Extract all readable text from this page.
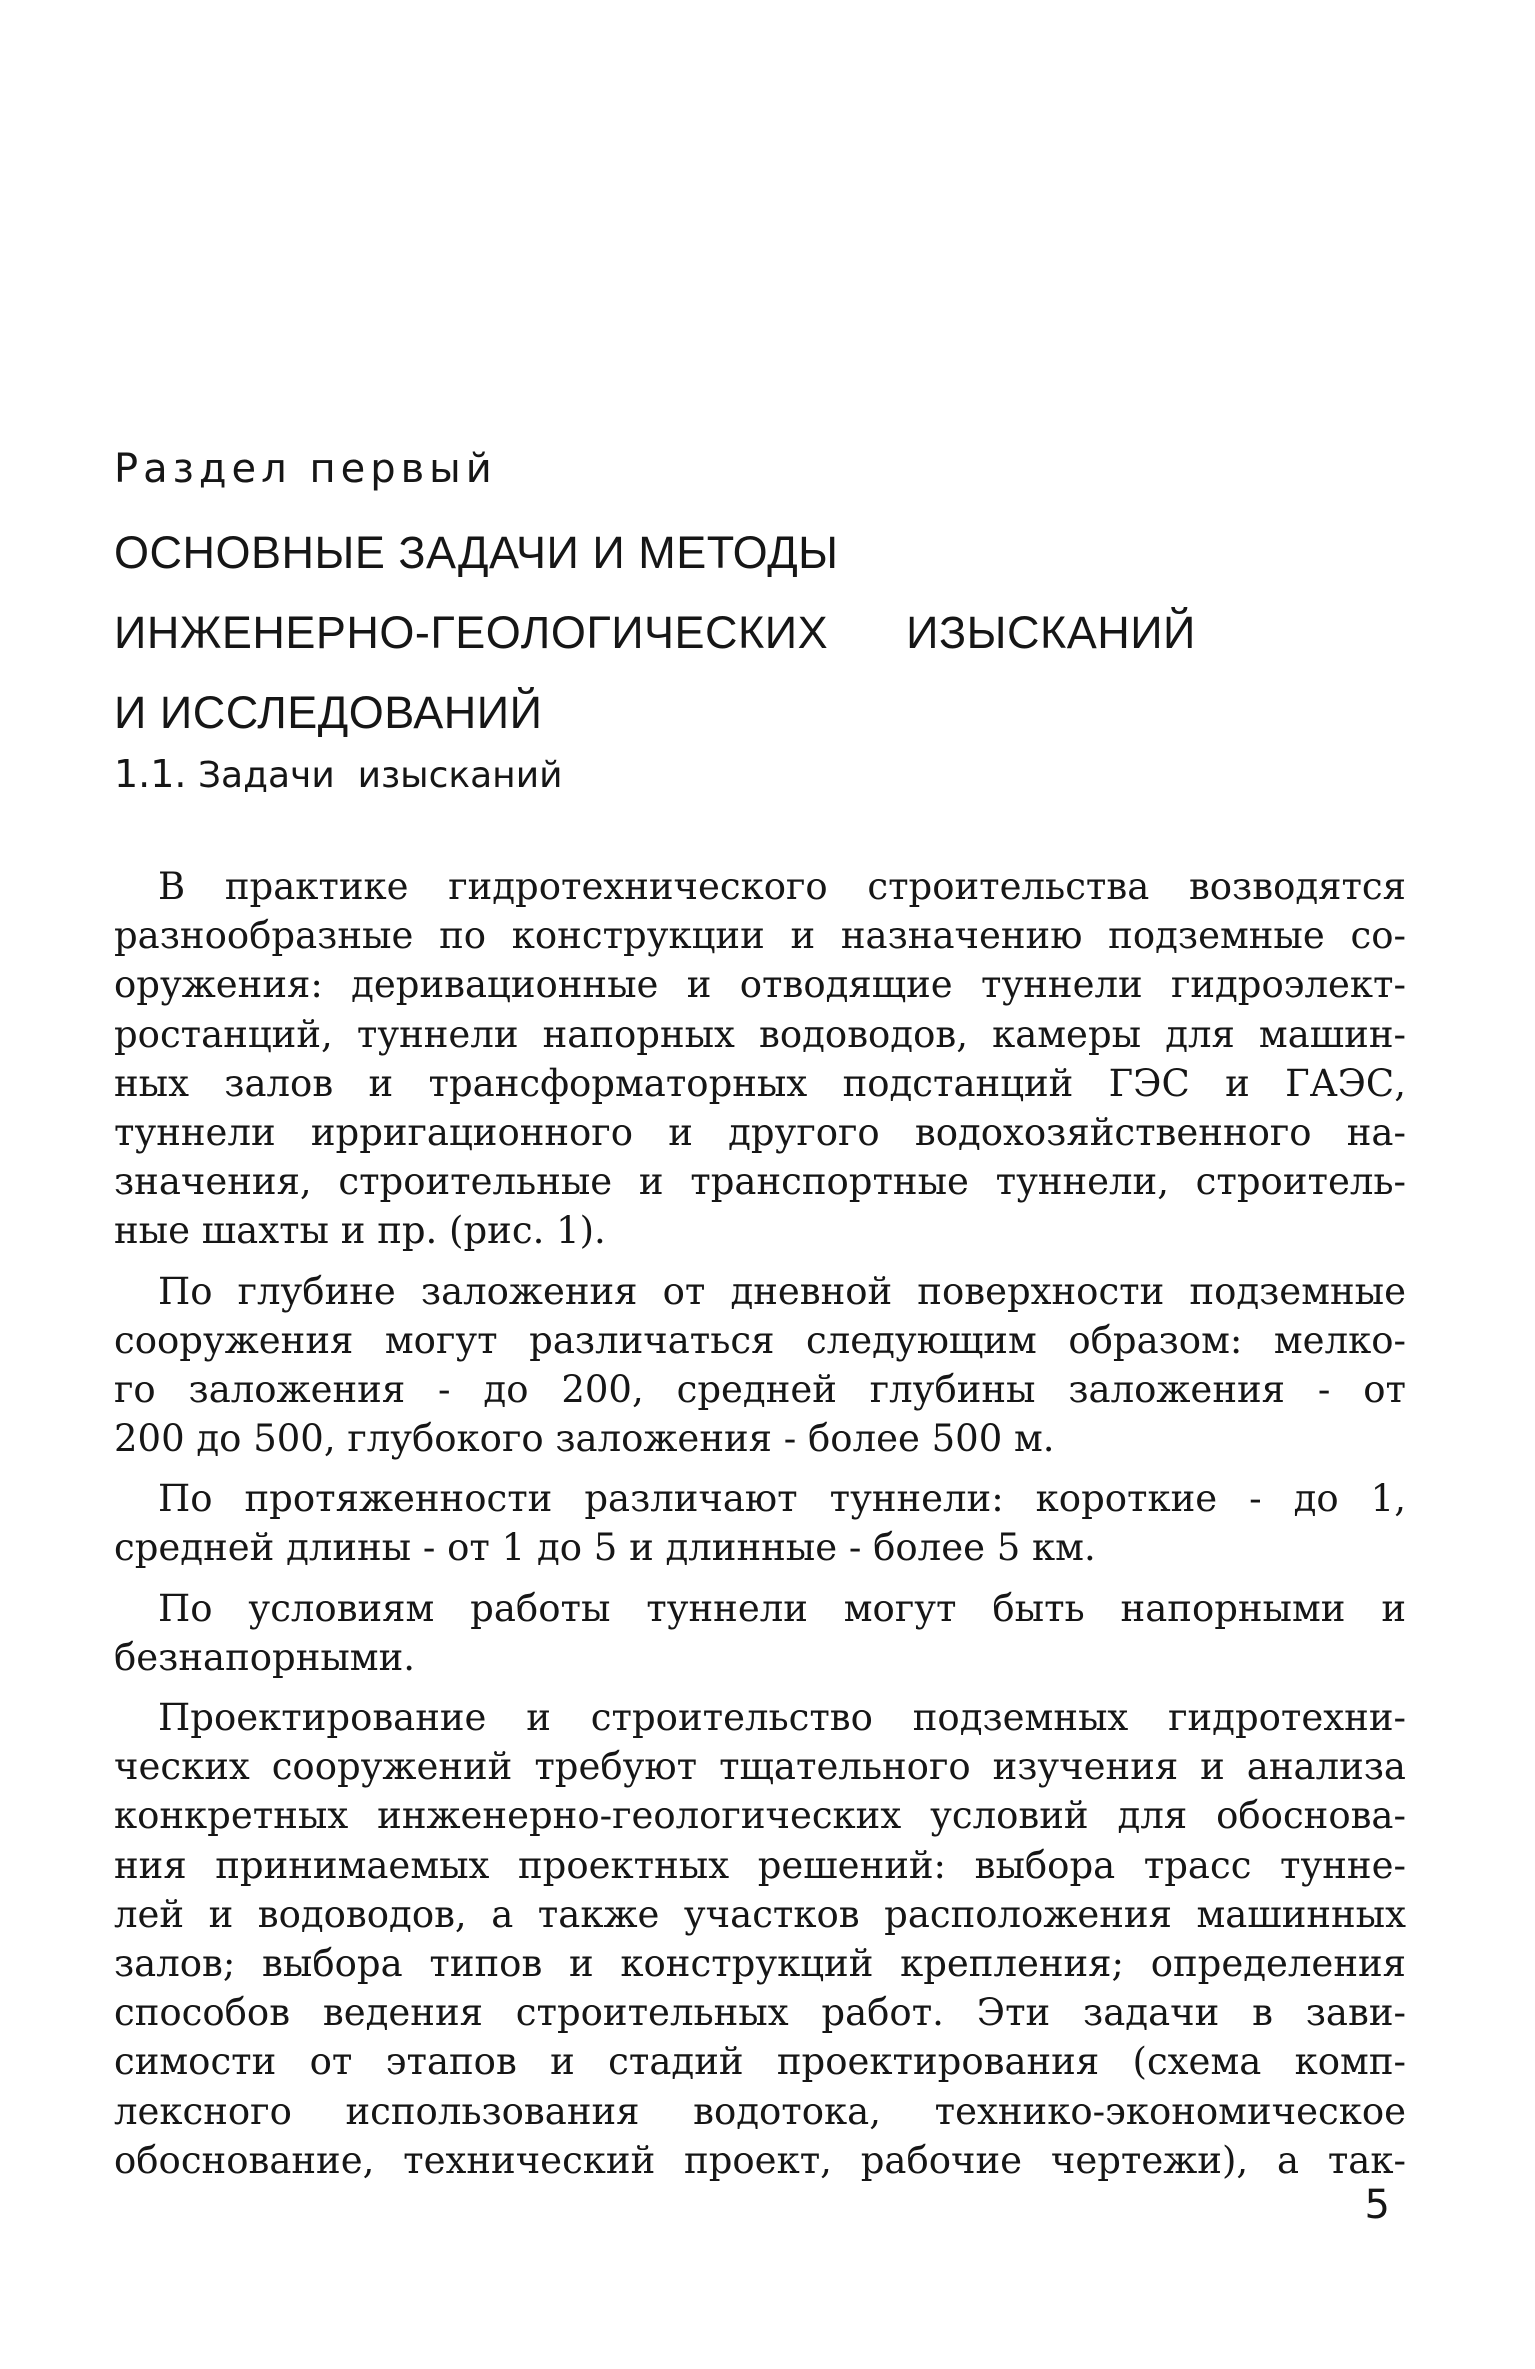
Раздел первый

ОСНОВНЫЕ ЗАДАЧИ И МЕТОДЫ
ИНЖЕНЕРНО-ГЕОЛОГИЧЕСКИХ      ИЗЫСКАНИЙ
И ИССЛЕДОВАНИЙ
1.1. Задачи  изысканий

В практике гидротехнического строительства возводятся
разнообразные по конструкции и назначению подземные со-
оружения: деривационные и отводящие туннели гидроэлект-
ростанций, туннели напорных водоводов, камеры для машин-
ных залов и трансформаторных подстанций ГЭС и ГАЭС,
туннели ирригационного и другого водохозяйственного на-
значения, строительные и транспортные туннели, строитель-
ные шахты и пр. (рис. 1).

По глубине заложения от дневной поверхности подземные
сооружения могут различаться следующим образом: мелко-
го заложения - до 200, средней глубины заложения - от
200 до 500, глубокого заложения - более 500 м.

По протяженности различают туннели: короткие - до 1,
средней длины - от 1 до 5 и длинные - более 5 км.

По условиям работы туннели могут быть напорными и
безнапорными.

Проектирование и строительство подземных гидротехни-
ческих сооружений требуют тщательного изучения и анализа
конкретных инженерно-геологических условий для обоснова-
ния принимаемых проектных решений: выбора трасс тунне-
лей и водоводов, а также участков расположения машинных
залов; выбора типов и конструкций крепления; определения
способов ведения строительных работ. Эти задачи в зави-
симости от этапов и стадий проектирования (схема комп-
лексного использования водотока, технико-экономическое
обоснование, технический проект, рабочие чертежи), а так-

5
